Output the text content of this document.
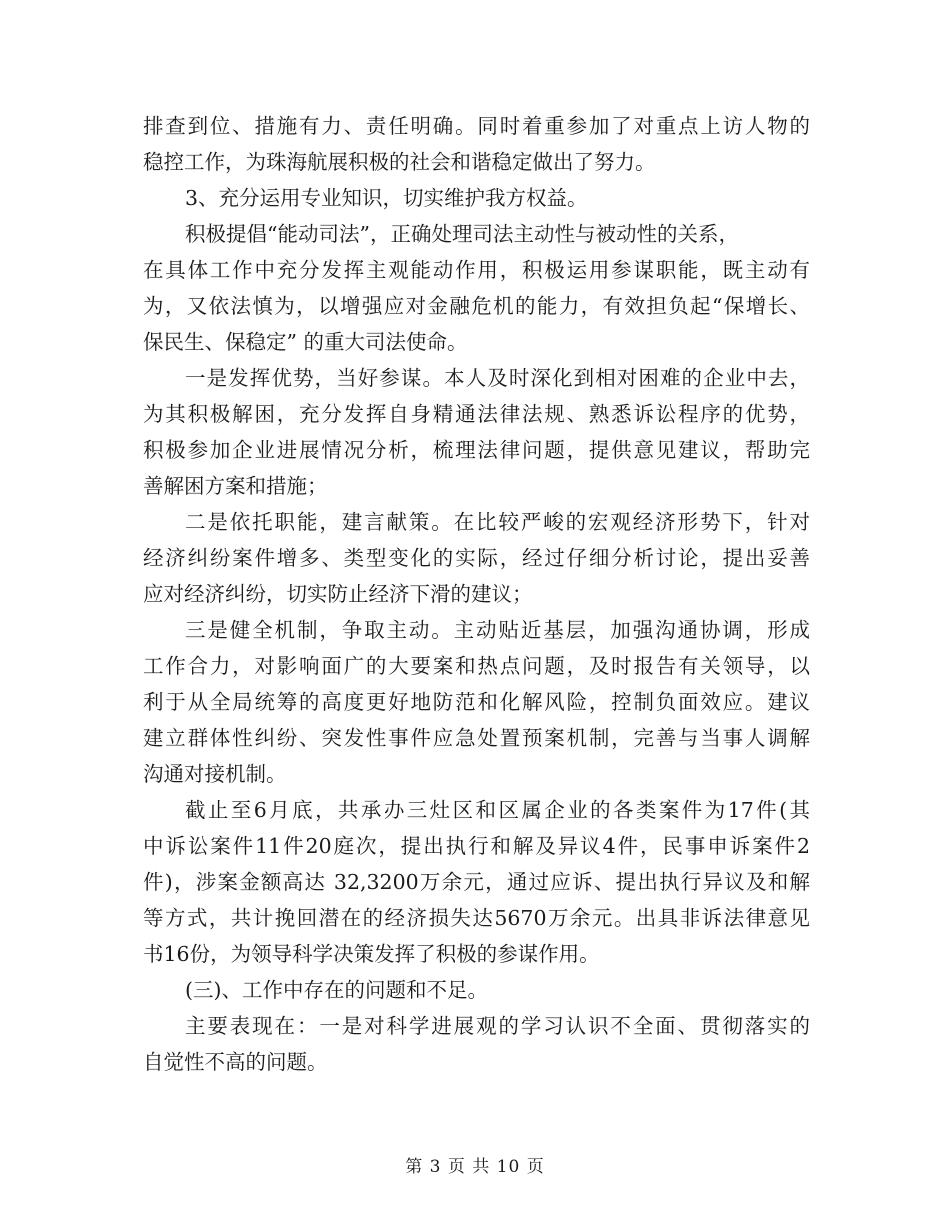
排查到位、措施有力、责任明确。同时着重参加了对重点上访人物的
稳控工作，为珠海航展积极的社会和谐稳定做出了努力。
3、充分运用专业知识，切实维护我方权益。
积极提倡“能动司法”，正确处理司法主动性与被动性的关系，
在具体工作中充分发挥主观能动作用，积极运用参谋职能，既主动有
为，又依法慎为，以增强应对金融危机的能力，有效担负起“保增长、
保民生、保稳定” 的重大司法使命。
一是发挥优势，当好参谋。本人及时深化到相对困难的企业中去，
为其积极解困，充分发挥自身精通法律法规、熟悉诉讼程序的优势，
积极参加企业进展情况分析，梳理法律问题，提供意见建议，帮助完
善解困方案和措施；
二是依托职能，建言献策。在比较严峻的宏观经济形势下，针对
经济纠纷案件增多、类型变化的实际，经过仔细分析讨论，提出妥善
应对经济纠纷，切实防止经济下滑的建议；
三是健全机制，争取主动。主动贴近基层，加强沟通协调，形成
工作合力，对影响面广的大要案和热点问题，及时报告有关领导，以
利于从全局统筹的高度更好地防范和化解风险，控制负面效应。建议
建立群体性纠纷、突发性事件应急处置预案机制，完善与当事人调解
沟通对接机制。
截止至6月底，共承办三灶区和区属企业的各类案件为17件(其
中诉讼案件11件20庭次，提出执行和解及异议4件，民事申诉案件2
件)，涉案金额高达 32,3200万余元，通过应诉、提出执行异议及和解
等方式，共计挽回潜在的经济损失达5670万余元。出具非诉法律意见
书16份，为领导科学决策发挥了积极的参谋作用。
(三)、工作中存在的问题和不足。
主要表现在：一是对科学进展观的学习认识不全面、贯彻落实的
自觉性不高的问题。
第 3 页 共 10 页
